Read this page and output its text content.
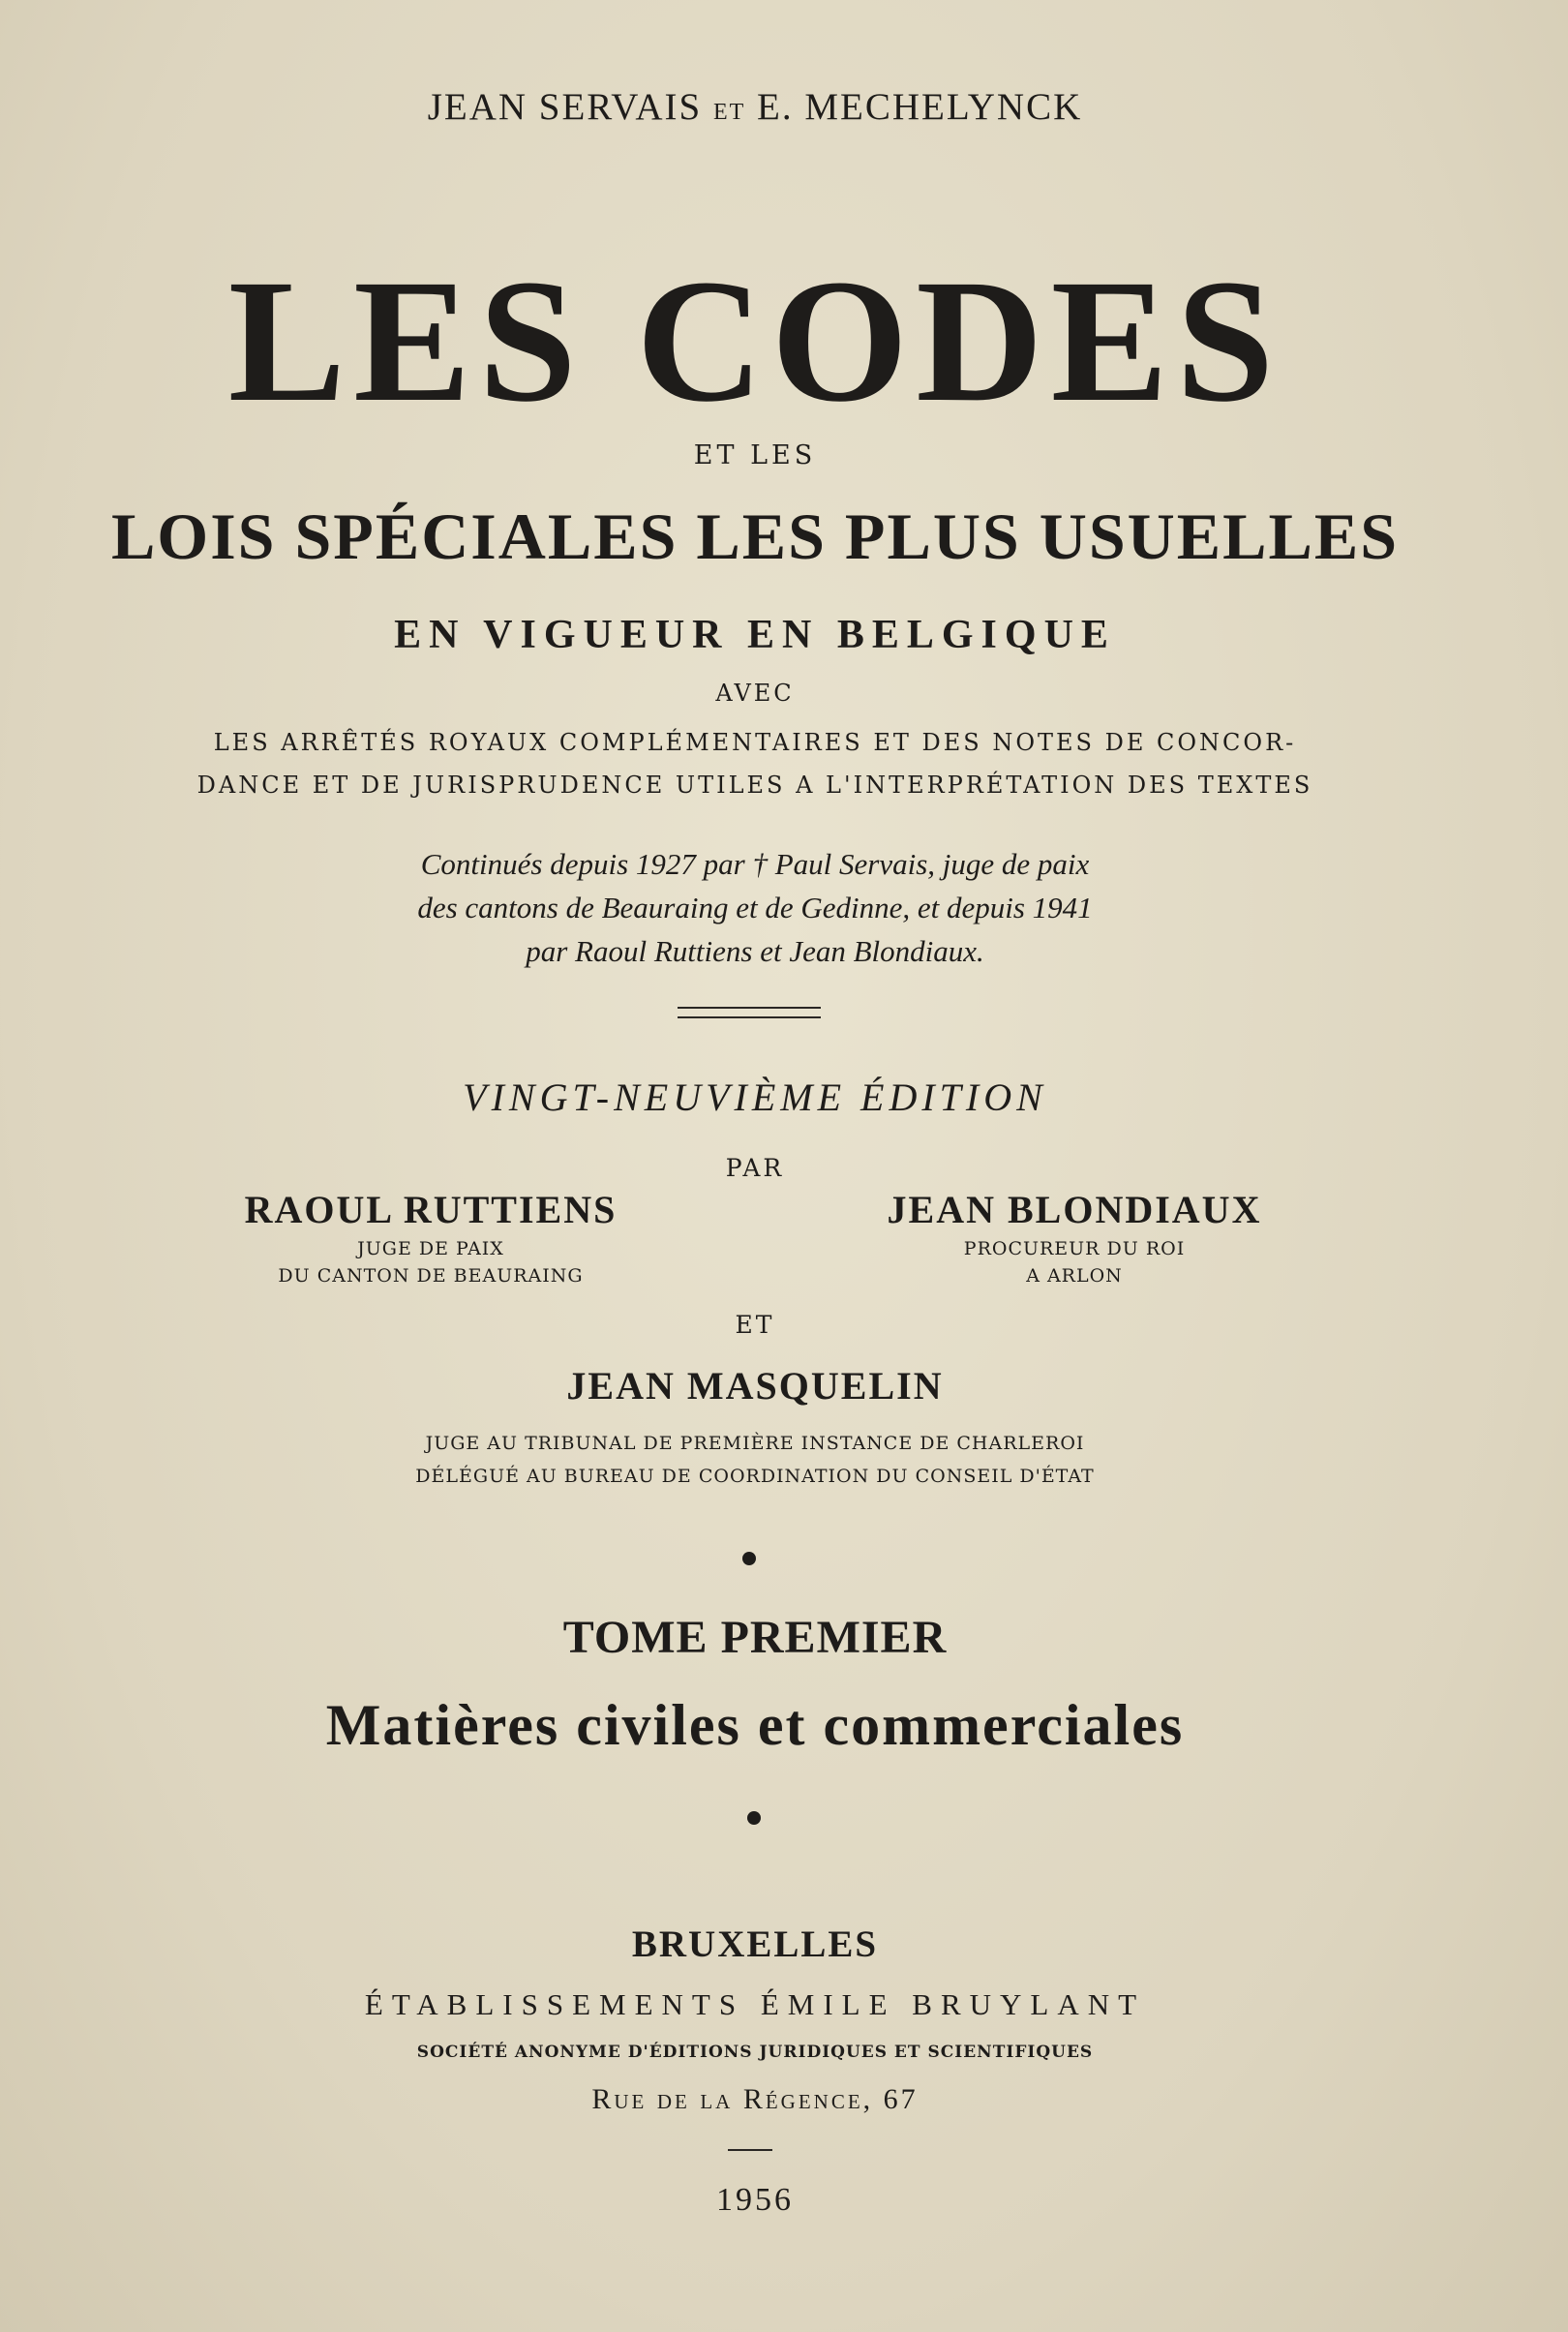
JEAN SERVAIS ET E. MECHELYNCK
LES CODES
ET LES
LOIS SPÉCIALES LES PLUS USUELLES
EN VIGUEUR EN BELGIQUE
AVEC
LES ARRÊTÉS ROYAUX COMPLÉMENTAIRES ET DES NOTES DE CONCOR-
DANCE ET DE JURISPRUDENCE UTILES A L'INTERPRÉTATION DES TEXTES
Continués depuis 1927 par † Paul Servais, juge de paix
des cantons de Beauraing et de Gedinne, et depuis 1941
par Raoul Ruttiens et Jean Blondiaux.
VINGT-NEUVIÈME ÉDITION
PAR
RAOUL RUTTIENS
JUGE DE PAIX
DU CANTON DE BEAURAING
JEAN BLONDIAUX
PROCUREUR DU ROI
A ARLON
ET
JEAN MASQUELIN
JUGE AU TRIBUNAL DE PREMIÈRE INSTANCE DE CHARLEROI
DÉLÉGUÉ AU BUREAU DE COORDINATION DU CONSEIL D'ÉTAT
TOME PREMIER
Matières civiles et commerciales
BRUXELLES
ÉTABLISSEMENTS ÉMILE BRUYLANT
SOCIÉTÉ ANONYME D'ÉDITIONS JURIDIQUES ET SCIENTIFIQUES
Rue de la Régence, 67
1956
